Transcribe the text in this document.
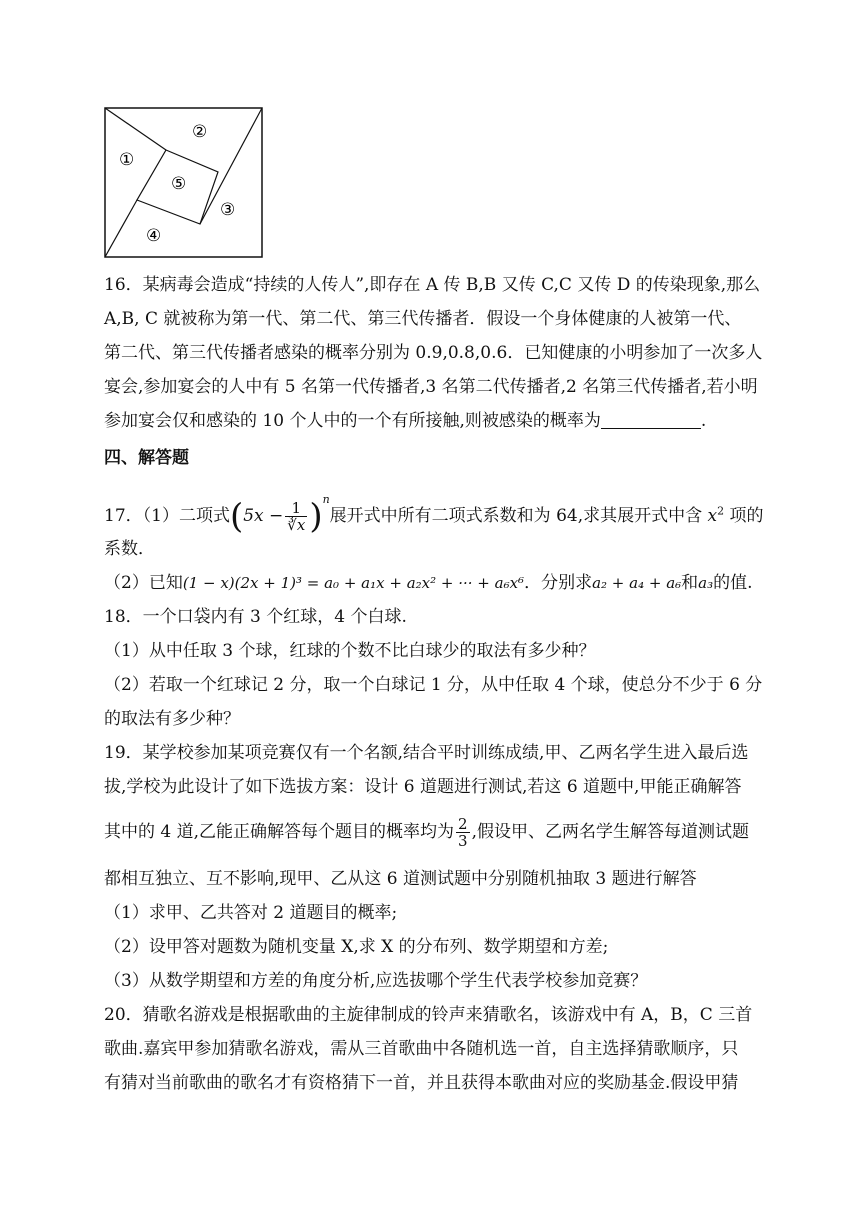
①
②
③
④
⑤
16．某病毒会造成“持续的人传人”,即存在 A 传 B,B 又传 C,C 又传 D 的传染现象,那么
A,B, C 就被称为第一代、第二代、第三代传播者．假设一个身体健康的人被第一代、
第二代、第三代传播者感染的概率分别为 0.9,0.8,0.6．已知健康的小明参加了一次多人
宴会,参加宴会的人中有 5 名第一代传播者,3 名第二代传播者,2 名第三代传播者,若小明
参加宴会仅和感染的 10 个人中的一个有所接触,则被感染的概率为	.
四、解答题
17．（1）二项式$(5x - \frac{1}{∛x} )^n$展开式中所有二项式系数和为 64,求其展开式中含 $x^2$ 项的
系数．
（2）已知(1 − x)(2x + 1)³ = a₀ + a₁x + a₂x² + ··· + a₆x⁶．分别求a₂ + a₄ + a₆和a₃的值.
18．一个口袋内有 3 个红球，4 个白球.
（1）从中任取 3 个球，红球的个数不比白球少的取法有多少种？
（2）若取一个红球记 2 分，取一个白球记 1 分，从中任取 4 个球，使总分不少于 6 分
的取法有多少种？
19．某学校参加某项竞赛仅有一个名额,结合平时训练成绩,甲、乙两名学生进入最后选
拔,学校为此设计了如下选拔方案：设计 6 道题进行测试,若这 6 道题中,甲能正确解答
其中的 4 道,乙能正确解答每个题目的概率均为 $\frac{2}{3}$ ,假设甲、乙两名学生解答每道测试题
都相互独立、互不影响,现甲、乙从这 6 道测试题中分别随机抽取 3 题进行解答
（1）求甲、乙共答对 2 道题目的概率;
（2）设甲答对题数为随机变量 X,求 X 的分布列、数学期望和方差;
（3）从数学期望和方差的角度分析,应选拔哪个学生代表学校参加竞赛？
20．猜歌名游戏是根据歌曲的主旋律制成的铃声来猜歌名，该游戏中有 A，B，C 三首
歌曲.嘉宾甲参加猜歌名游戏，需从三首歌曲中各随机选一首，自主选择猜歌顺序，只
有猜对当前歌曲的歌名才有资格猜下一首，并且获得本歌曲对应的奖励基金.假设甲猜
